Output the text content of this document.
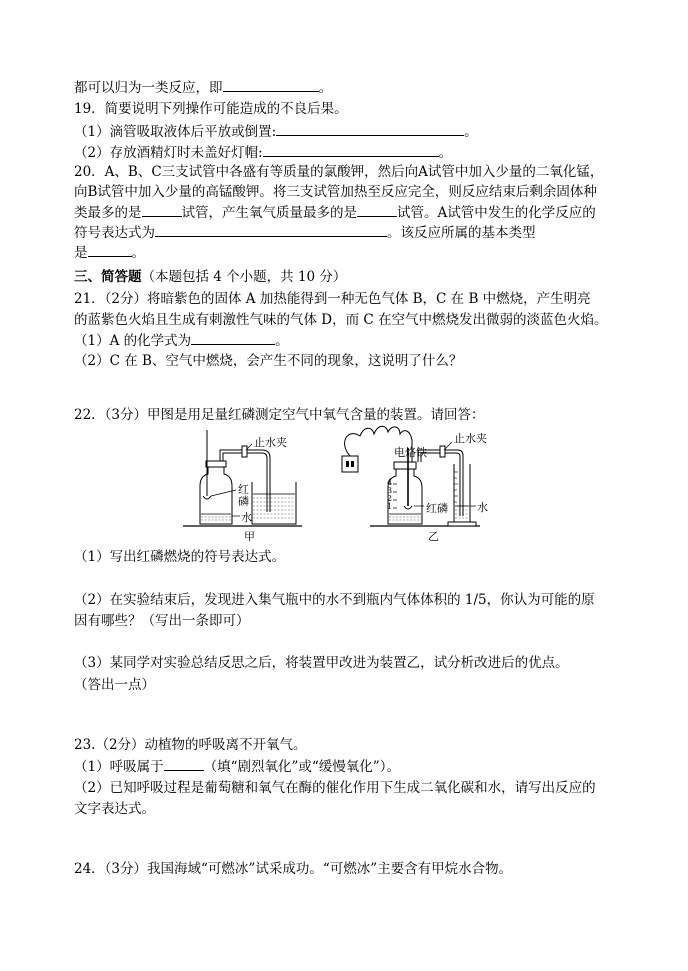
都可以归为一类反应，即	。
19．简要说明下列操作可能造成的不良后果。
（1）滴管吸取液体后平放或倒置:	。
（2）存放酒精灯时未盖好灯帽:	。
20．A、B、C三支试管中各盛有等质量的氯酸钾，然后向A试管中加入少量的二氧化锰，
向B试管中加入少量的高锰酸钾。将三支试管加热至反应完全，则反应结束后剩余固体种
类最多的是	试管，产生氧气质量最多的是	试管。A试管中发生的化学反应的
符号表达式为	。该反应所属的基本类型
是	。
三、简答题（本题包括 4 个小题，共 10 分）
21．（2分）将暗紫色的固体 A 加热能得到一种无色气体 B，C 在 B 中燃烧，产生明亮
的蓝紫色火焰且生成有刺激性气味的气体 D，而 C 在空气中燃烧发出微弱的淡蓝色火焰。
（1）A 的化学式为	。
（2）C 在 B、空气中燃烧，会产生不同的现象，这说明了什么？
22．（3分）甲图是用足量红磷测定空气中氧气含量的装置。请回答：
止水夹
红磷
水
甲
电烙铁
止水夹
红磷	水
4
3
2
1
乙
（1）写出红磷燃烧的符号表达式。
（2）在实验结束后，发现进入集气瓶中的水不到瓶内气体体积的 1/5，你认为可能的原
因有哪些？（写出一条即可）
（3）某同学对实验总结反思之后，将装置甲改进为装置乙，试分析改进后的优点。
（答出一点）
23.（2分）动植物的呼吸离不开氧气。
（1）呼吸属于	（填“剧烈氧化”或“缓慢氧化”）。
（2）已知呼吸过程是葡萄糖和氧气在酶的催化作用下生成二氧化碳和水，请写出反应的
文字表达式。
24．（3分）我国海域“可燃冰”试采成功。“可燃冰”主要含有甲烷水合物。
